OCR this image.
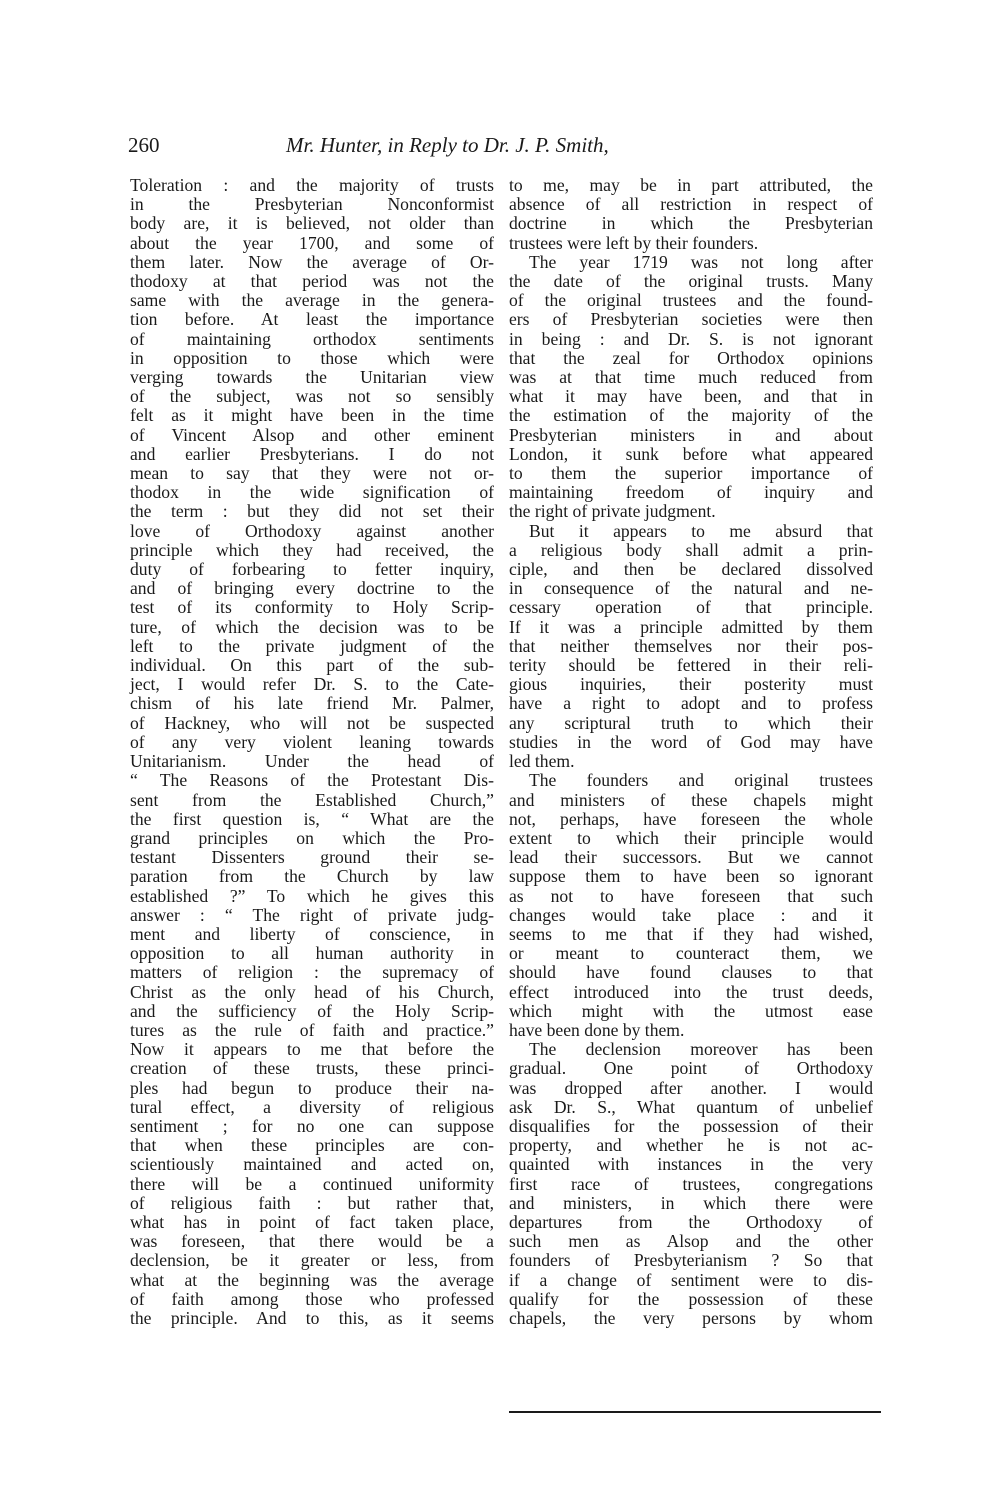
260	Mr. Hunter, in Reply to Dr. J. P. Smith,

Toleration : and the majority of trusts

in the Presbyterian Nonconformist

body are, it is believed, not older than

about the year 1700, and some of

them later. Now the average of Or-

thodoxy at that period was not the

same with the average in the genera-

tion before. At least the importance

of maintaining orthodox sentiments

in opposition to those which were

verging towards the Unitarian view

of the subject, was not so sensibly

felt as it might have been in the time

of Vincent Alsop and other eminent

and earlier Presbyterians. I do not

mean to say that they were not or-

thodox in the wide signification of

the term : but they did not set their

love of Orthodoxy against another

principle which they had received, the

duty of forbearing to fetter inquiry,

and of bringing every doctrine to the

test of its conformity to Holy Scrip-

ture, of which the decision was to be

left to the private judgment of the

individual. On this part of the sub-

ject, I would refer Dr. S. to the Cate-

chism of his late friend Mr. Palmer,

of Hackney, who will not be suspected

of any very violent leaning towards

Unitarianism. Under the head of

“ The Reasons of the Protestant Dis-

sent from the Established Church,”

the first question is, “ What are the

grand principles on which the Pro-

testant Dissenters ground their se-

paration from the Church by law

established ?” To which he gives this

answer : “ The right of private judg-

ment and liberty of conscience, in

opposition to all human authority in

matters of religion : the supremacy of

Christ as the only head of his Church,

and the sufficiency of the Holy Scrip-

tures as the rule of faith and practice.”

Now it appears to me that before the

creation of these trusts, these princi-

ples had begun to produce their na-

tural effect, a diversity of religious

sentiment ; for no one can suppose

that when these principles are con-

scientiously maintained and acted on,

there will be a continued uniformity

of religious faith : but rather that,

what has in point of fact taken place,

was foreseen, that there would be a

declension, be it greater or less, from

what at the beginning was the average

of faith among those who professed

the principle. And to this, as it seems

to me, may be in part attributed, the

absence of all restriction in respect of

doctrine in which the Presbyterian

trustees were left by their founders.

The year 1719 was not long after

the date of the original trusts. Many

of the original trustees and the found-

ers of Presbyterian societies were then

in being : and Dr. S. is not ignorant

that the zeal for Orthodox opinions

was at that time much reduced from

what it may have been, and that in

the estimation of the majority of the

Presbyterian ministers in and about

London, it sunk before what appeared

to them the superior importance of

maintaining freedom of inquiry and

the right of private judgment.

But it appears to me absurd that

a religious body shall admit a prin-

ciple, and then be declared dissolved

in consequence of the natural and ne-

cessary operation of that principle.

If it was a principle admitted by them

that neither themselves nor their pos-

terity should be fettered in their reli-

gious inquiries, their posterity must

have a right to adopt and to profess

any scriptural truth to which their

studies in the word of God may have

led them.

The founders and original trustees

and ministers of these chapels might

not, perhaps, have foreseen the whole

extent to which their principle would

lead their successors. But we cannot

suppose them to have been so ignorant

as not to have foreseen that such

changes would take place : and it

seems to me that if they had wished,

or meant to counteract them, we

should have found clauses to that

effect introduced into the trust deeds,

which might with the utmost ease

have been done by them.

The declension moreover has been

gradual. One point of Orthodoxy

was dropped after another. I would

ask Dr. S., What quantum of unbelief

disqualifies for the possession of their

property, and whether he is not ac-

quainted with instances in the very

first race of trustees, congregations

and ministers, in which there were

departures from the Orthodoxy of

such men as Alsop and the other

founders of Presbyterianism ? So that

if a change of sentiment were to dis-

qualify for the possession of these

chapels, the very persons by whom
